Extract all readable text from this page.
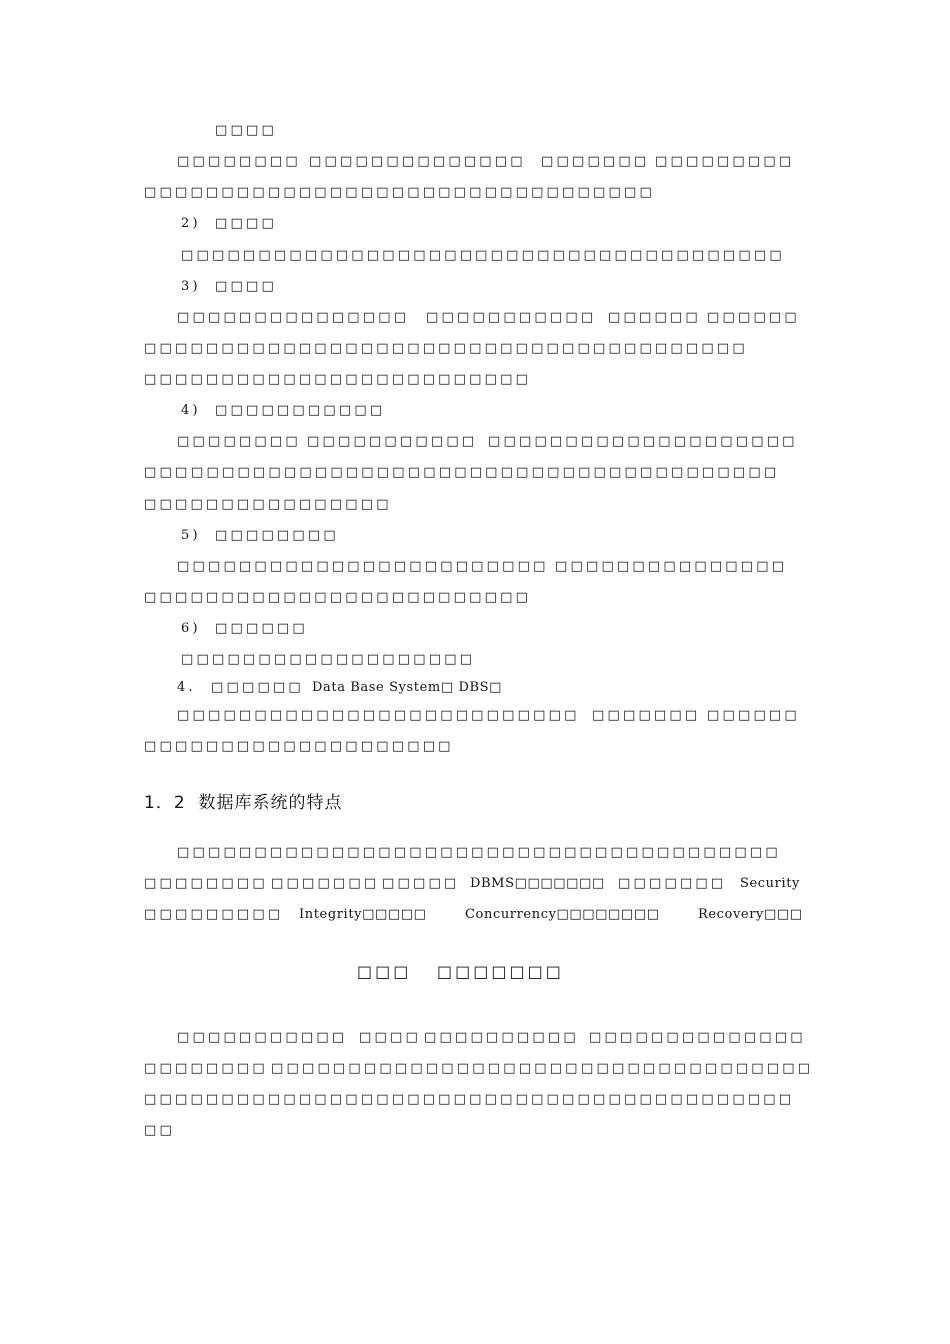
□□□□
□□□□□□□□ □□□□□□□□□□□□□□ □□□□□□□ □□□□□□□□□
□□□□□□□□□□□□□□□□□□□□□□□□□□□□□□□□□
2) □□□□
□□□□□□□□□□□□□□□□□□□□□□□□□□□□□□□□□□□□□□□
3) □□□□
□□□□□□□□□□□□□□□ □□□□□□□□□□□ □□□□□□ □□□□□□
□□□□□□□□□□□□□□□□□□□□□□□□□□□□□□□□□□□□□□□
□□□□□□□□□□□□□□□□□□□□□□□□□
4) □□□□□□□□□□□
□□□□□□□□ □□□□□□□□□□□ □□□□□□□□□□□□□□□□□□□□
□□□ □□□□□□□□□□□□□□□□□□□□□□□□□□□□□□□□□□□□□□
□□□□□□□□□□□□□□□□
5) □□□□□□□□
□□□□□□□□□□□□□□□□□□□□□□□□ □□□□□□□□□□□□□□□
□□□□□□□□□□□□□□□□□□□□□□□□□
6) □□□□□□
□□□□□□□□□□□□□□□□□□□
4. □□□□□□ Data Base System□ DBS□
□□□□□□□□□□□□□□□□□□□□□□□□□□ □□□□□□□ □□□□□□
□□□□□□□□□□□□□□□□□□□□
□□□□□□□□□□□□□□□□□□□□□□□□□□□□□□□□□□□□□□□
□□□□□□□□ □□□□□□□ □□□□□ DBMS□□□□□□□ □□□□□□□ Security
□□□□□□□□□ Integrity□□□□□	Concurrency□□□□□□□□	Recovery□□□
□□□□□□□□□□□ □□□□ □□□□□□□□□□ □□□□□□□□□□□□□□
□□□□□□□□ □□□□□□□□□□□□□□□□□□□□ □□□□□□□□□□□□□□□
□□□□□□□□□□□□□□□□□□□□□□□□□□□□□□□□□□□□□□□□□□
□□
1．2  数据库系统的特点
□□□ □□□□□□□
